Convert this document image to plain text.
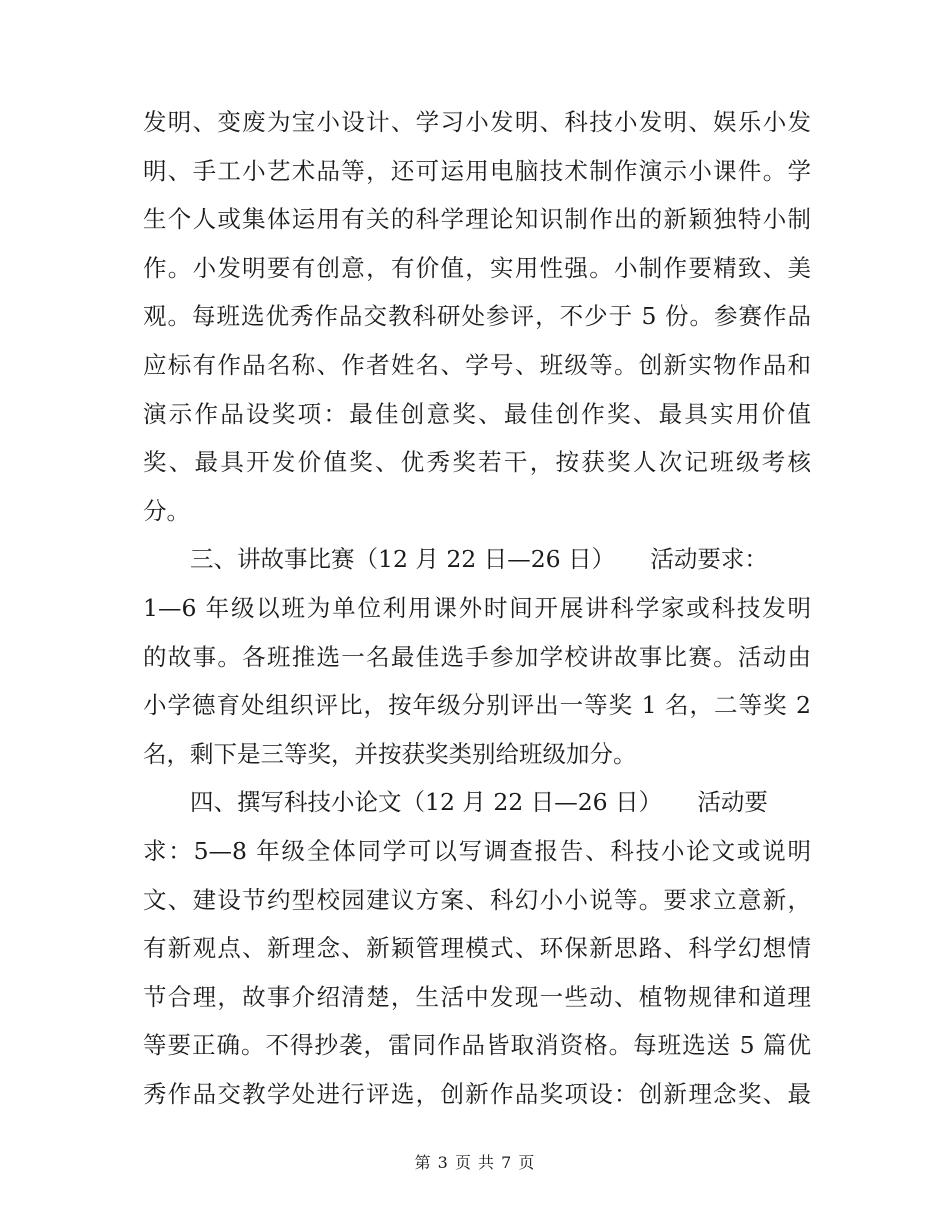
发明、变废为宝小设计、学习小发明、科技小发明、娱乐小发
明、手工小艺术品等，还可运用电脑技术制作演示小课件。学
生个人或集体运用有关的科学理论知识制作出的新颖独特小制
作。小发明要有创意，有价值，实用性强。小制作要精致、美
观。每班选优秀作品交教科研处参评，不少于 5 份。参赛作品
应标有作品名称、作者姓名、学号、班级等。创新实物作品和
演示作品设奖项：最佳创意奖、最佳创作奖、最具实用价值
奖、最具开发价值奖、优秀奖若干，按获奖人次记班级考核
分。
三、讲故事比赛（12 月 22 日—26 日）　　活动要求：
1—6 年级以班为单位利用课外时间开展讲科学家或科技发明
的故事。各班推选一名最佳选手参加学校讲故事比赛。活动由
小学德育处组织评比，按年级分别评出一等奖 1 名，二等奖 2
名，剩下是三等奖，并按获奖类别给班级加分。
四、撰写科技小论文（12 月 22 日—26 日）　　活动要
求：5—8 年级全体同学可以写调查报告、科技小论文或说明
文、建设节约型校园建议方案、科幻小小说等。要求立意新，
有新观点、新理念、新颖管理模式、环保新思路、科学幻想情
节合理，故事介绍清楚，生活中发现一些动、植物规律和道理
等要正确。不得抄袭，雷同作品皆取消资格。每班选送 5 篇优
秀作品交教学处进行评选，创新作品奖项设：创新理念奖、最
第 3 页 共 7 页
